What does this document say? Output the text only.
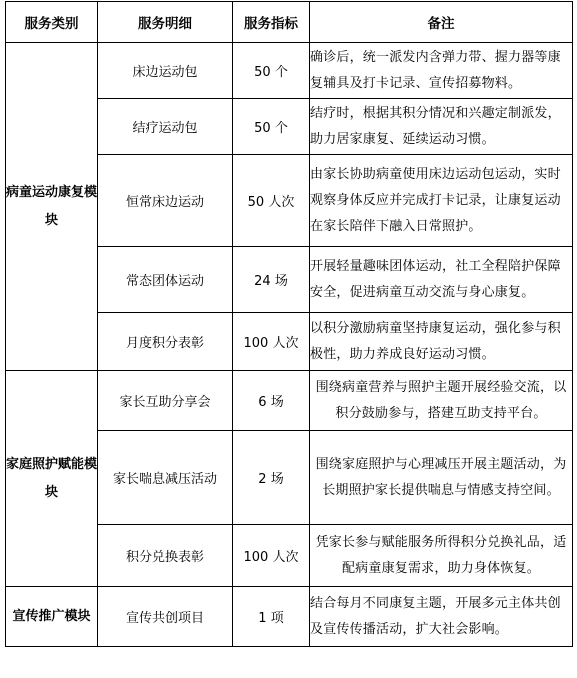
服务类别	服务明细	服务指标	备注
病童运动康复模块	床边运动包	50 个	确诊后，统一派发内含弹力带、握力器等康复辅具及打卡记录、宣传招募物料。
	结疗运动包	50 个	结疗时，根据其积分情况和兴趣定制派发，助力居家康复、延续运动习惯。
	恒常床边运动	50 人次	由家长协助病童使用床边运动包运动，实时观察身体反应并完成打卡记录，让康复运动在家长陪伴下融入日常照护。
	常态团体运动	24 场	开展轻量趣味团体运动，社工全程陪护保障安全，促进病童互动交流与身心康复。
	月度积分表彰	100 人次	以积分激励病童坚持康复运动，强化参与积极性，助力养成良好运动习惯。
家庭照护赋能模块	家长互助分享会	6 场	围绕病童营养与照护主题开展经验交流，以积分鼓励参与，搭建互助支持平台。
	家长喘息减压活动	2 场	围绕家庭照护与心理减压开展主题活动，为长期照护家长提供喘息与情感支持空间。
	积分兑换表彰	100 人次	凭家长参与赋能服务所得积分兑换礼品，适配病童康复需求，助力身体恢复。
宣传推广模块	宣传共创项目	1 项	结合每月不同康复主题，开展多元主体共创及宣传传播活动，扩大社会影响。
